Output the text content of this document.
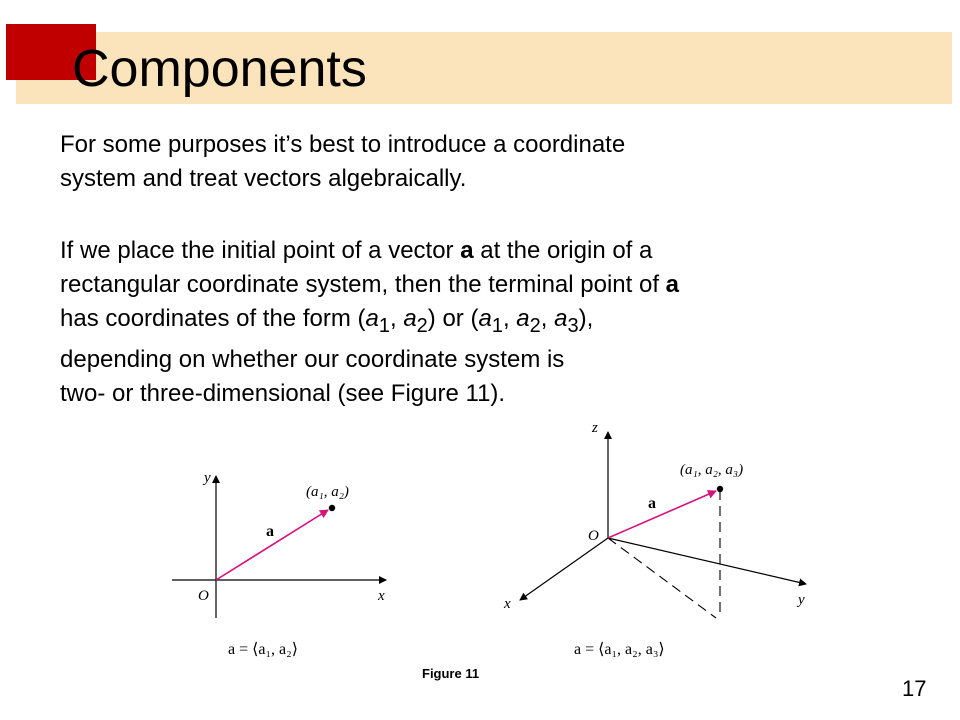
Components
For some purposes it’s best to introduce a coordinate
system and treat vectors algebraically.
If we place the initial point of a vector a at the origin of a
rectangular coordinate system, then the terminal point of a
has coordinates of the form ($a_1$, $a_2$) or ($a_1$, $a_2$, $a_3$),
depending on whether our coordinate system is
two- or three-dimensional (see Figure 11).
y
x
O
(a₁, a₂)
a
a = ⟨a₁, a₂⟩
z
y
x
O
(a₁, a₂, a₃)
a
a = ⟨a₁, a₂, a₃⟩
Figure 11
17
